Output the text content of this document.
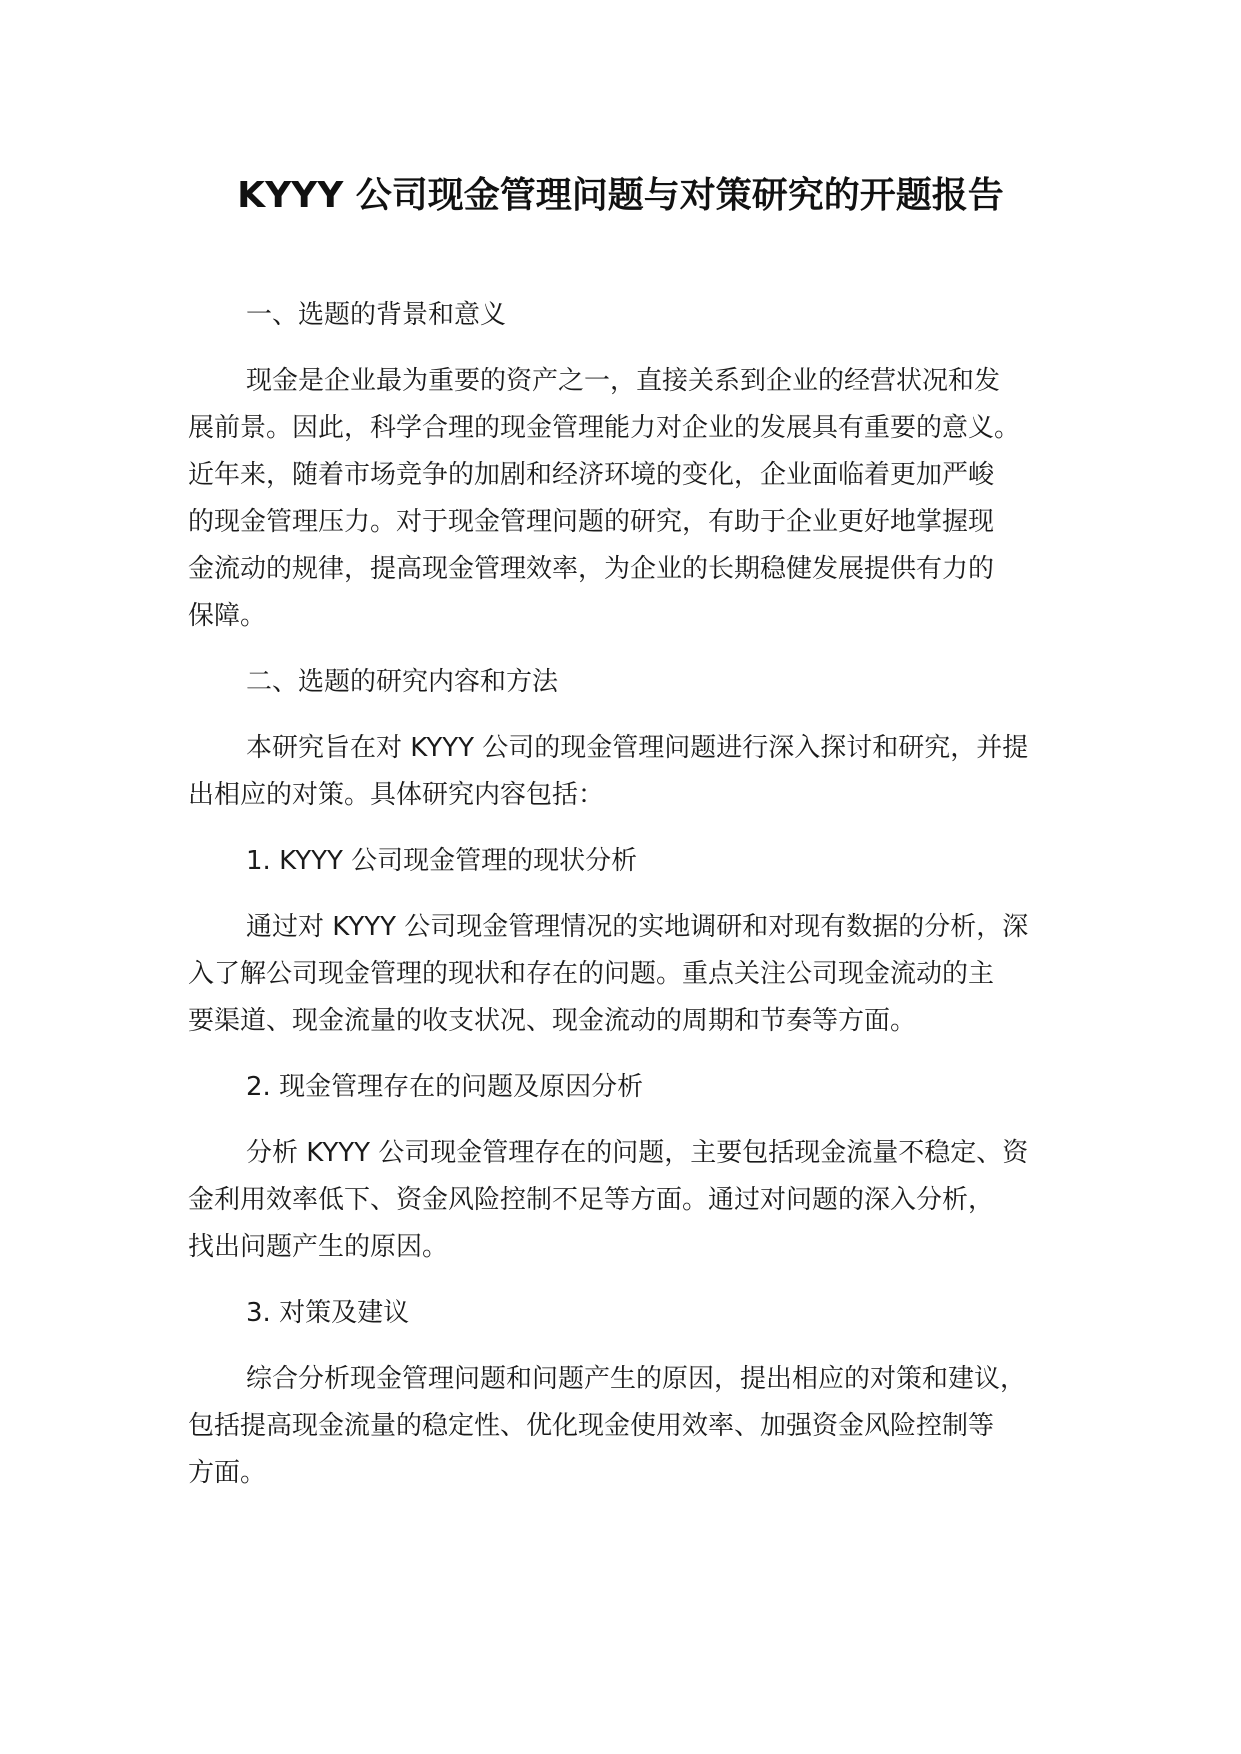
KYYY 公司现金管理问题与对策研究的开题报告
一、选题的背景和意义
现金是企业最为重要的资产之一，直接关系到企业的经营状况和发
展前景。因此，科学合理的现金管理能力对企业的发展具有重要的意义。
近年来，随着市场竞争的加剧和经济环境的变化，企业面临着更加严峻
的现金管理压力。对于现金管理问题的研究，有助于企业更好地掌握现
金流动的规律，提高现金管理效率，为企业的长期稳健发展提供有力的
保障。
二、选题的研究内容和方法
本研究旨在对 KYYY 公司的现金管理问题进行深入探讨和研究，并提
出相应的对策。具体研究内容包括：
1. KYYY 公司现金管理的现状分析
通过对 KYYY 公司现金管理情况的实地调研和对现有数据的分析，深
入了解公司现金管理的现状和存在的问题。重点关注公司现金流动的主
要渠道、现金流量的收支状况、现金流动的周期和节奏等方面。
2. 现金管理存在的问题及原因分析
分析 KYYY 公司现金管理存在的问题，主要包括现金流量不稳定、资
金利用效率低下、资金风险控制不足等方面。通过对问题的深入分析，
找出问题产生的原因。
3. 对策及建议
综合分析现金管理问题和问题产生的原因，提出相应的对策和建议，
包括提高现金流量的稳定性、优化现金使用效率、加强资金风险控制等
方面。
